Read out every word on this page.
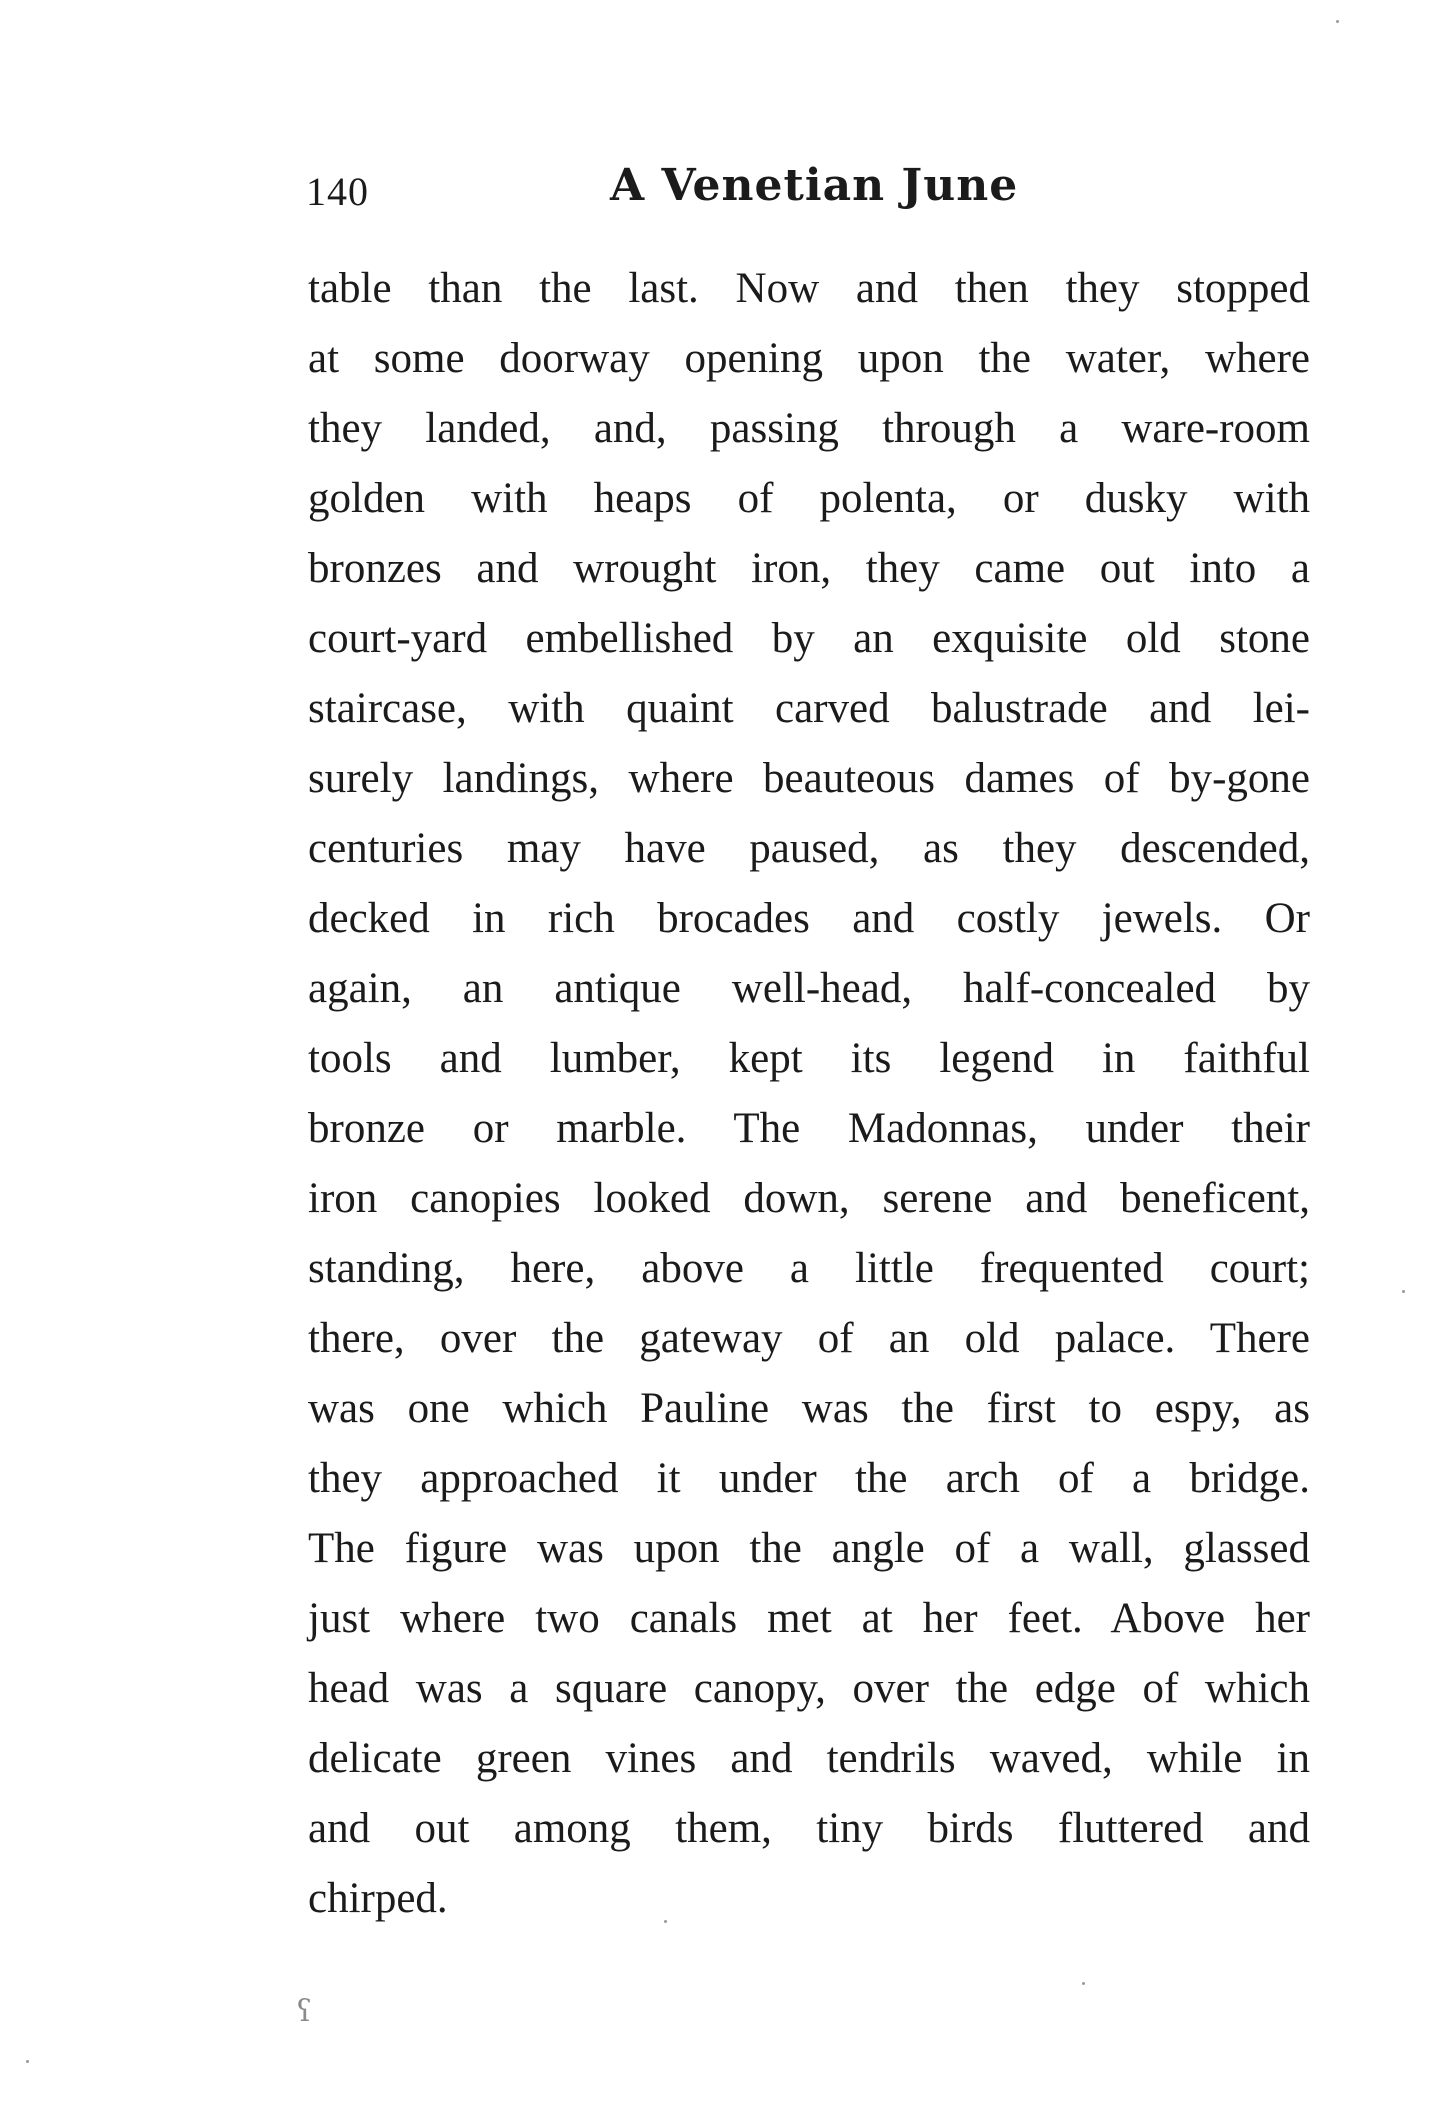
140	A Venetian June
table than the last. Now and then they stopped
at some doorway opening upon the water, where
they landed, and, passing through a ware-room
golden with heaps of polenta, or dusky with
bronzes and wrought iron, they came out into a
court-yard embellished by an exquisite old stone
staircase, with quaint carved balustrade and lei-
surely landings, where beauteous dames of by-gone
centuries may have paused, as they descended,
decked in rich brocades and costly jewels. Or
again, an antique well-head, half-concealed by
tools and lumber, kept its legend in faithful
bronze or marble. The Madonnas, under their
iron canopies looked down, serene and beneficent,
standing, here, above a little frequented court;
there, over the gateway of an old palace. There
was one which Pauline was the first to espy, as
they approached it under the arch of a bridge.
The figure was upon the angle of a wall, glassed
just where two canals met at her feet. Above her
head was a square canopy, over the edge of which
delicate green vines and tendrils waved, while in
and out among them, tiny birds fluttered and
chirped.
ʕ
